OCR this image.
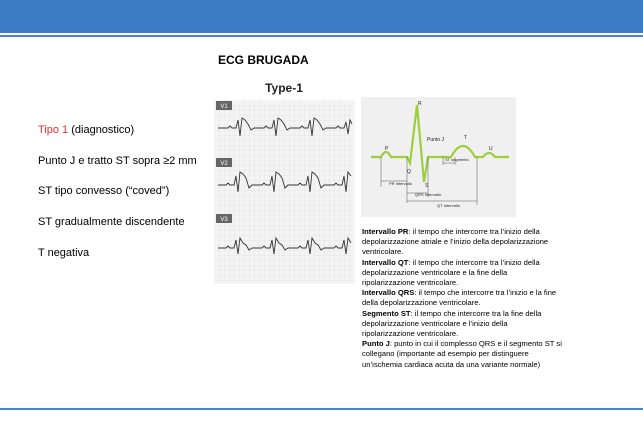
ECG BRUGADA
Tipo 1 (diagnostico)
Punto J e tratto ST sopra ≥2 mm
ST tipo convesso (“coved”)
ST gradualmente discendente
T negativa
Type-1
V1
V2
V3
P
Q
R
S
T
U
Punto J
ST segmento
PR Intervallo
QRS Intervallo
QT Intervallo

Intervallo PR: il tempo che intercorre tra l’inizio della depolarizzazione atriale e l’inizio della depolarizzazione ventricolare.

Intervallo QT: il tempo che intercorre tra l’inizio della depolarizzazione ventricolare e la fine della ripolarizzazione ventricolare.

Intervallo QRS: il tempo che intercorre tra l’inizio e la fine della depolarizzazione ventricolare.

Segmento ST: il tempo che intercorre tra la fine della depolarizzazione ventricolare e l’inizio della ripolarizzazione ventricolare.

Punto J: punto in cui il complesso QRS e il segmento ST si collegano (importante ad esempio per distinguere un’ischemia cardiaca acuta da una variante normale)
